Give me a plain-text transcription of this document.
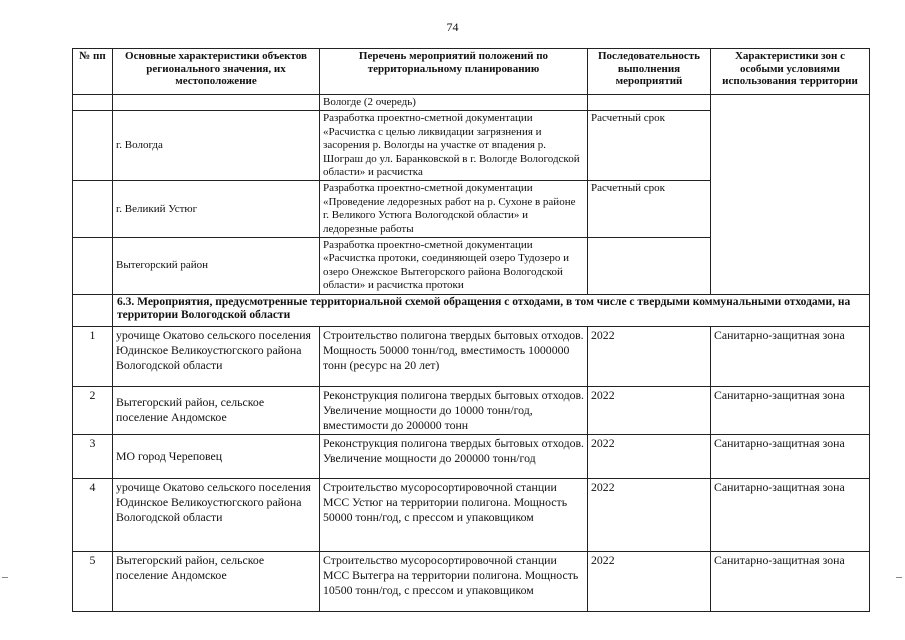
74
№ пп	Основные характеристики объектов регионального значения, их местоположение	Перечень мероприятий положений по территориальному планированию	Последовательность выполнения мероприятий	Характеристики зон с особыми условиями использования территории
		Вологде (2 очередь)		
	г. Вологда	Разработка проектно-сметной документации «Расчистка с целью ликвидации загрязнения и засорения р. Вологды на участке от впадения р. Шограш до ул. Баранковской в г. Вологде Вологодской области» и расчистка	Расчетный срок	
	г. Великий Устюг	Разработка проектно-сметной документации «Проведение ледорезных работ на р. Сухоне в районе г. Великого Устюга Вологодской области» и ледорезные работы	Расчетный срок	
	Вытегорский район	Разработка проектно-сметной документации «Расчистка протоки, соединяющей озеро Тудозеро и озеро Онежское Вытегорского района Вологодской области» и расчистка протоки		
	6.3. Мероприятия, предусмотренные территориальной схемой обращения с отходами, в том числе с твердыми коммунальными отходами, на территории Вологодской области			
1	урочище Окатово сельского поселения Юдинское Великоустюгского района Вологодской области	Строительство полигона твердых бытовых отходов. Мощность 50000 тонн/год, вместимость 1000000 тонн (ресурс на 20 лет)	2022	Санитарно-защитная зона
2	Вытегорский район, сельское поселение Андомское	Реконструкция полигона твердых бытовых отходов. Увеличение мощности до 10000 тонн/год, вместимости до 200000 тонн	2022	Санитарно-защитная зона
3	МО город Череповец	Реконструкция полигона твердых бытовых отходов. Увеличение мощности до 200000 тонн/год	2022	Санитарно-защитная зона
4	урочище Окатово сельского поселения Юдинское Великоустюгского района Вологодской области	Строительство мусоросортировочной станции МСС Устюг на территории полигона. Мощность 50000 тонн/год, с прессом и упаковщиком	2022	Санитарно-защитная зона
5	Вытегорский район, сельское поселение Андомское	Строительство мусоросортировочной станции МСС Вытегра на территории полигона. Мощность 10500 тонн/год, с прессом и упаковщиком	2022	Санитарно-защитная зона
